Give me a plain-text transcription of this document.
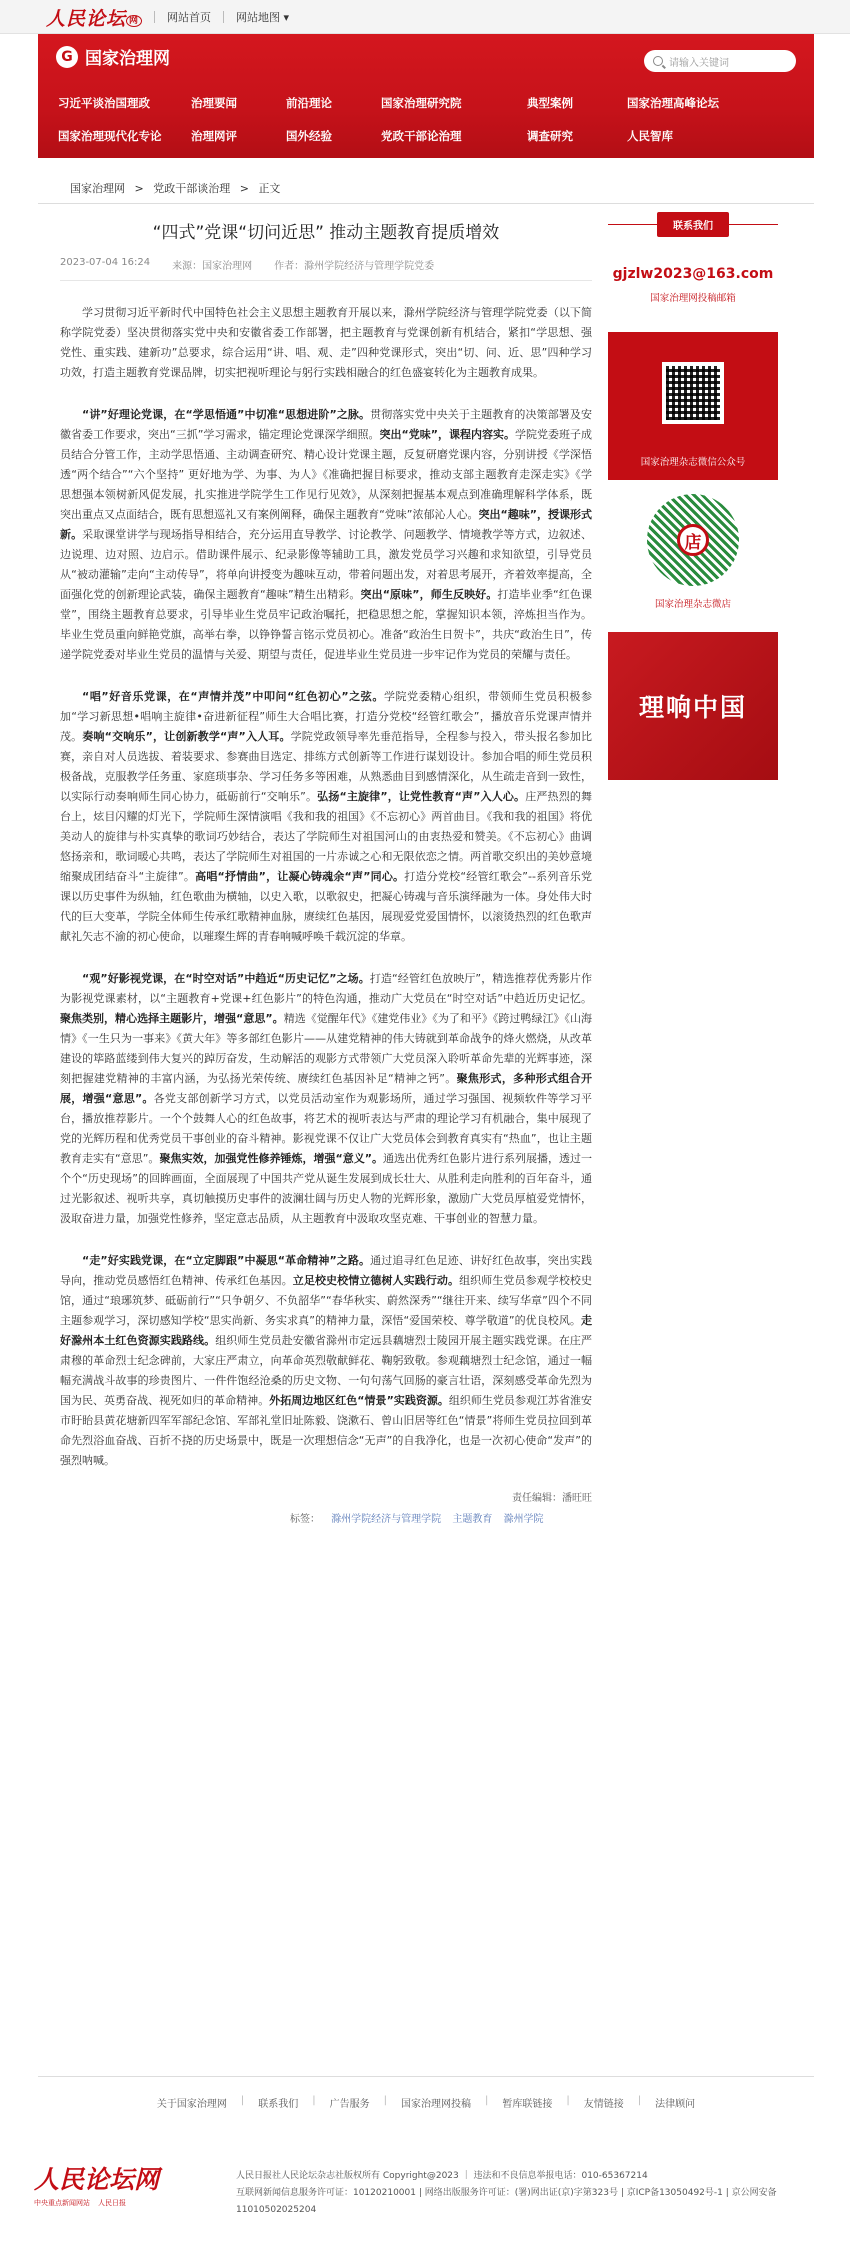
人民论坛 网	网站首页 网站地图 ▾
G 国家治理网	请输入关键词
习近平谈治国理政	治理要闻	前沿理论	国家治理研究院	典型案例	国家治理高峰论坛
国家治理现代化专论	治理网评	国外经验	党政干部论治理	调查研究	人民智库
国家治理网 > 党政干部谈治理 > 正文
“四式”党课“切问近思” 推动主题教育提质增效
2023-07-04 16:24 来源：国家治理网 作者：滁州学院经济与管理学院党委

学习贯彻习近平新时代中国特色社会主义思想主题教育开展以来，滁州学院经济与管理学院党委（以下简称学院党委）坚决贯彻落实党中央和安徽省委工作部署，把主题教育与党课创新有机结合，紧扣“学思想、强党性、重实践、建新功”总要求，综合运用“讲、唱、观、走”四种党课形式，突出“切、问、近、思”四种学习功效，打造主题教育党课品牌，切实把视听理论与躬行实践相融合的红色盛宴转化为主题教育成果。

“讲”好理论党课，在“学思悟通”中切准“思想进阶”之脉。贯彻落实党中央关于主题教育的决策部署及安徽省委工作要求，突出“三抓”学习需求，锚定理论党课深学细照。突出“党味”，课程内容实。学院党委班子成员结合分管工作，主动学思悟通、主动调查研究、精心设计党课主题，反复研磨党课内容，分别讲授《学深悟透“两个结合”“六个坚持” 更好地为学、为事、为人》《准确把握目标要求，推动支部主题教育走深走实》《学思想强本领树新风促发展，扎实推进学院学生工作见行见效》，从深刻把握基本观点到准确理解科学体系，既突出重点又点面结合，既有思想巡礼又有案例阐释，确保主题教育“党味”浓郁沁人心。突出“趣味”，授课形式新。采取课堂讲学与现场指导相结合，充分运用直导教学、讨论教学、问题教学、情境教学等方式，边叙述、边说理、边对照、边启示。借助课件展示、纪录影像等辅助工具，激发党员学习兴趣和求知欲望，引导党员从“被动灌输”走向“主动传导”，将单向讲授变为趣味互动，带着问题出发，对着思考展开，齐着效率提高，全面强化党的创新理论武装，确保主题教育“趣味”精生出精彩。突出“原味”，师生反映好。打造毕业季“红色课堂”，围绕主题教育总要求，引导毕业生党员牢记政治嘱托，把稳思想之舵，掌握知识本领，淬炼担当作为。毕业生党员重向鲜艳党旗，高举右拳，以铮铮誓言铭示党员初心。准备“政治生日贺卡”，共庆“政治生日”，传递学院党委对毕业生党员的温情与关爱、期望与责任，促进毕业生党员进一步牢记作为党员的荣耀与责任。

“唱”好音乐党课，在“声情并茂”中叩问“红色初心”之弦。学院党委精心组织，带领师生党员积极参加“学习新思想•唱响主旋律•奋进新征程”师生大合唱比赛，打造分党校“经管红歌会”，播放音乐党课声情并茂。奏响“交响乐”，让创新教学“声”入人耳。学院党政领导率先垂范指导，全程参与投入，带头报名参加比赛，亲自对人员选拔、着装要求、参赛曲目选定、排练方式创新等工作进行谋划设计。参加合唱的师生党员积极备战，克服教学任务重、家庭琐事杂、学习任务多等困难，从熟悉曲目到感情深化，从生疏走音到一致性，以实际行动奏响师生同心协力，砥砺前行“交响乐”。弘扬“主旋律”，让党性教育“声”入人心。庄严热烈的舞台上，炫目闪耀的灯光下，学院师生深情演唱《我和我的祖国》《不忘初心》两首曲目。《我和我的祖国》将优美动人的旋律与朴实真挚的歌词巧妙结合，表达了学院师生对祖国河山的由衷热爱和赞美。《不忘初心》曲调悠扬亲和，歌词暖心共鸣，表达了学院师生对祖国的一片赤诚之心和无限依恋之情。两首歌交织出的美妙意境缩聚成团结奋斗“主旋律”。高唱“抒情曲”，让凝心铸魂余“声”同心。打造分党校“经管红歌会”--系列音乐党课以历史事件为纵轴，红色歌曲为横轴，以史入歌，以歌叙史，把凝心铸魂与音乐演绎融为一体。身处伟大时代的巨大变革，学院全体师生传承红歌精神血脉，赓续红色基因，展现爱党爱国情怀，以滚烫热烈的红色歌声献礼矢志不渝的初心使命，以璀璨生辉的青春响喊呼唤千载沉淀的华章。

“观”好影视党课，在“时空对话”中趋近“历史记忆”之场。打造“经管红色放映厅”，精选推荐优秀影片作为影视党课素材，以“主题教育+党课+红色影片”的特色沟通，推动广大党员在“时空对话”中趋近历史记忆。聚焦类别，精心选择主题影片，增强“意思”。精选《觉醒年代》《建党伟业》《为了和平》《跨过鸭绿江》《山海情》《一生只为一事来》《黄大年》等多部红色影片——从建党精神的伟大铸就到革命战争的烽火燃烧，从改革建设的筚路蓝缕到伟大复兴的踔厉奋发，生动解活的观影方式带领广大党员深入聆听革命先辈的光辉事迹，深刻把握建党精神的丰富内涵，为弘扬光荣传统、赓续红色基因补足“精神之钙”。聚焦形式，多种形式组合开展，增强“意思”。各党支部创新学习方式，以党员活动室作为观影场所，通过学习强国、视频软件等学习平台，播放推荐影片。一个个鼓舞人心的红色故事，将艺术的视听表达与严肃的理论学习有机融合，集中展现了党的光辉历程和优秀党员干事创业的奋斗精神。影视党课不仅让广大党员体会到教育真实有“热血”，也让主题教育走实有“意思”。聚焦实效，加强党性修养锤炼，增强“意义”。通选出优秀红色影片进行系列展播，透过一个个“历史现场”的回眸画面，全面展现了中国共产党从诞生发展到成长壮大、从胜利走向胜利的百年奋斗，通过光影叙述、视听共享，真切触摸历史事件的波澜壮阔与历史人物的光辉形象，激励广大党员厚植爱党情怀，汲取奋进力量，加强党性修养，坚定意志品质，从主题教育中汲取攻坚克难、干事创业的智慧力量。

“走”好实践党课，在“立定脚跟”中凝思“革命精神”之路。通过追寻红色足迹、讲好红色故事，突出实践导向，推动党员感悟红色精神、传承红色基因。立足校史校情立德树人实践行动。组织师生党员参观学校校史馆，通过“琅琊筑梦、砥砺前行”“只争朝夕、不负韶华”“春华秋实、蔚然深秀”“继往开来、续写华章”四个不同主题参观学习，深切感知学校“思实尚新、务实求真”的精神力量，深悟“爱国荣校、尊学敬道”的优良校风。走好滁州本土红色资源实践路线。组织师生党员赴安徽省滁州市定远县藕塘烈士陵园开展主题实践党课。在庄严肃穆的革命烈士纪念碑前，大家庄严肃立，向革命英烈敬献鲜花、鞠躬致敬。参观藕塘烈士纪念馆，通过一幅幅充满战斗故事的珍贵图片、一件件饱经沧桑的历史文物、一句句荡气回肠的豪言壮语，深刻感受革命先烈为国为民、英勇奋战、视死如归的革命精神。外拓周边地区红色“情景”实践资源。组织师生党员参观江苏省淮安市盱眙县黄花塘新四军军部纪念馆、军部礼堂旧址陈毅、饶漱石、曾山旧居等红色“情景”将师生党员拉回到革命先烈浴血奋战、百折不挠的历史场景中，既是一次理想信念“无声”的自我净化，也是一次初心使命“发声”的强烈呐喊。

责任编辑：潘旺旺
标签： 滁州学院经济与管理学院 主题教育 滁州学院
联系我们
gjzlw2023@163.com
国家治理网投稿邮箱
国家治理杂志微信公众号
店
国家治理杂志微店
理响中国
关于国家治理网 | 联系我们 | 广告服务 | 国家治理网投稿 | 暂库联链接 | 友情链接 | 法律顾问
人民论坛网
中央重点新闻网站 人民日报
人民日报社人民论坛杂志社版权所有 Copyright@2023 ｜ 违法和不良信息举报电话：010-65367214
互联网新闻信息服务许可证：10120210001 | 网络出版服务许可证：(署)网出证(京)字第323号 | 京ICP备13050492号-1 | 京公网安备11010502025204
